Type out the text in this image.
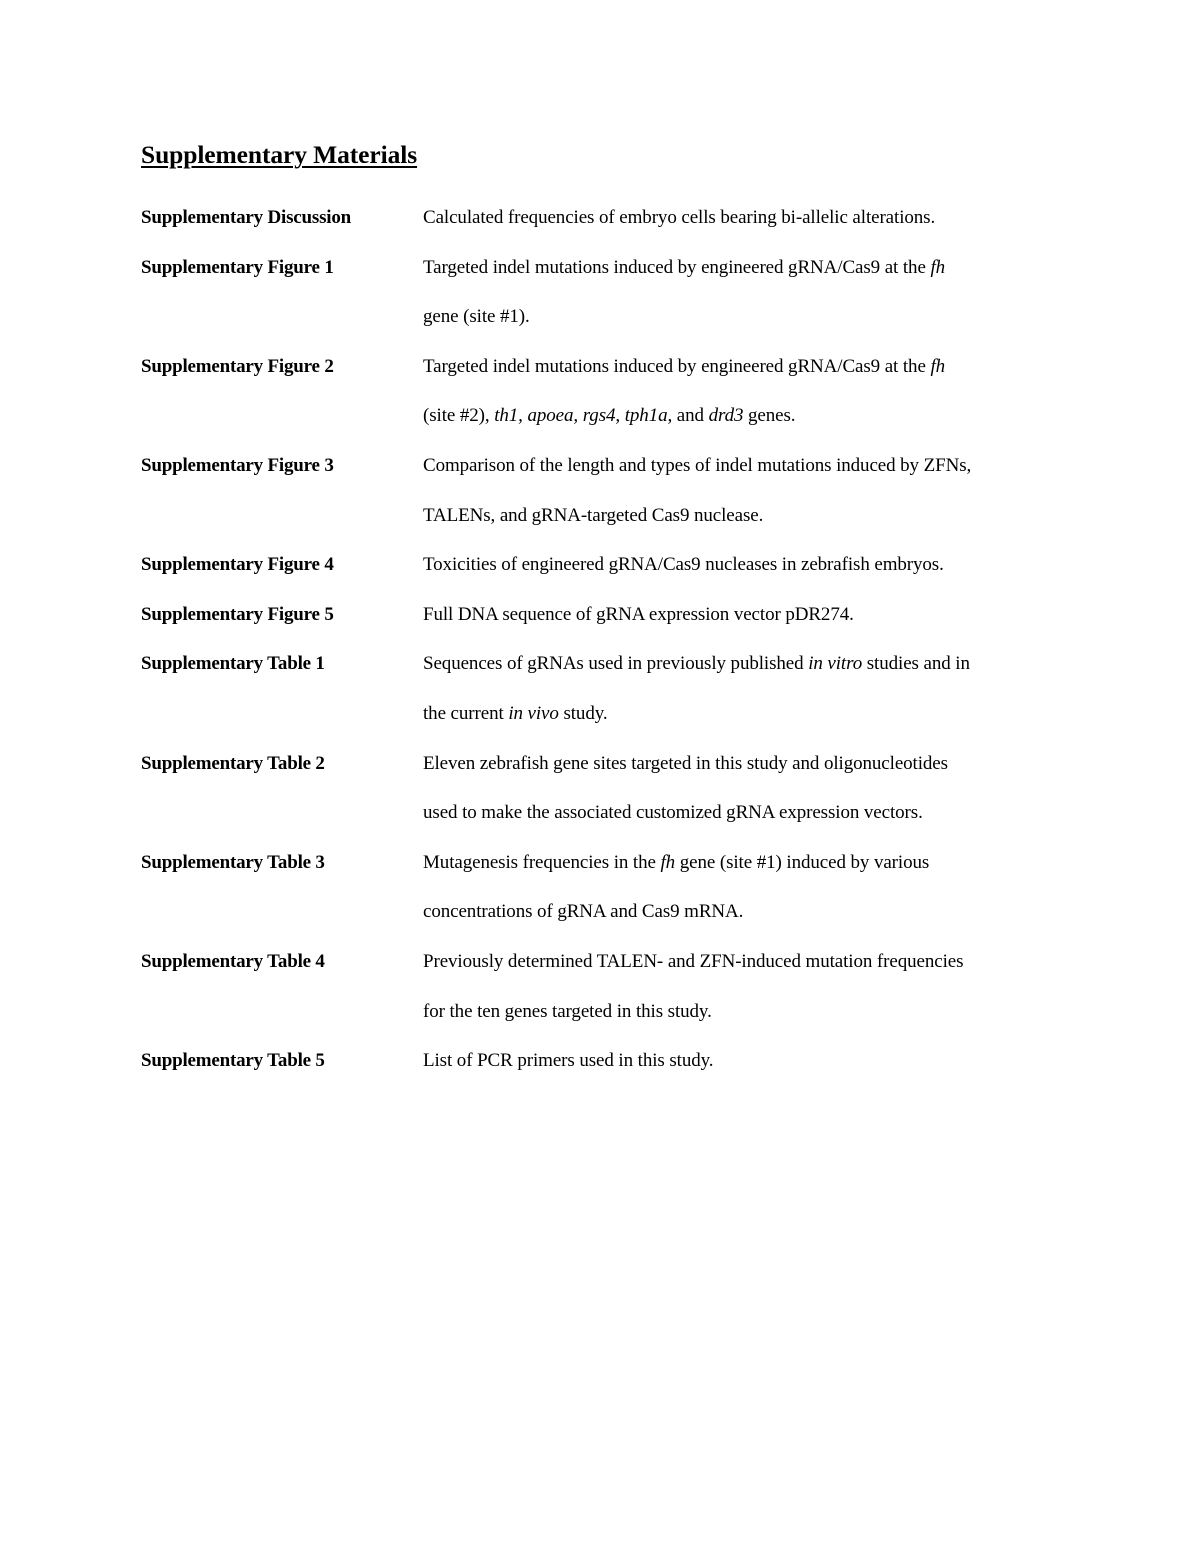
Supplementary Materials
Supplementary Discussion	Calculated frequencies of embryo cells bearing bi-allelic alterations.
Supplementary Figure 1	Targeted indel mutations induced by engineered gRNA/Cas9 at the fh
gene (site #1).
Supplementary Figure 2	Targeted indel mutations induced by engineered gRNA/Cas9 at the fh
(site #2), th1, apoea, rgs4, tph1a, and drd3 genes.
Supplementary Figure 3	Comparison of the length and types of indel mutations induced by ZFNs,
TALENs, and gRNA-targeted Cas9 nuclease.
Supplementary Figure 4	Toxicities of engineered gRNA/Cas9 nucleases in zebrafish embryos.
Supplementary Figure 5	Full DNA sequence of gRNA expression vector pDR274.
Supplementary Table 1	Sequences of gRNAs used in previously published in vitro studies and in
the current in vivo study.
Supplementary Table 2	Eleven zebrafish gene sites targeted in this study and oligonucleotides
used to make the associated customized gRNA expression vectors.
Supplementary Table 3	Mutagenesis frequencies in the fh gene (site #1) induced by various
concentrations of gRNA and Cas9 mRNA.
Supplementary Table 4	Previously determined TALEN- and ZFN-induced mutation frequencies
for the ten genes targeted in this study.
Supplementary Table 5	List of PCR primers used in this study.
